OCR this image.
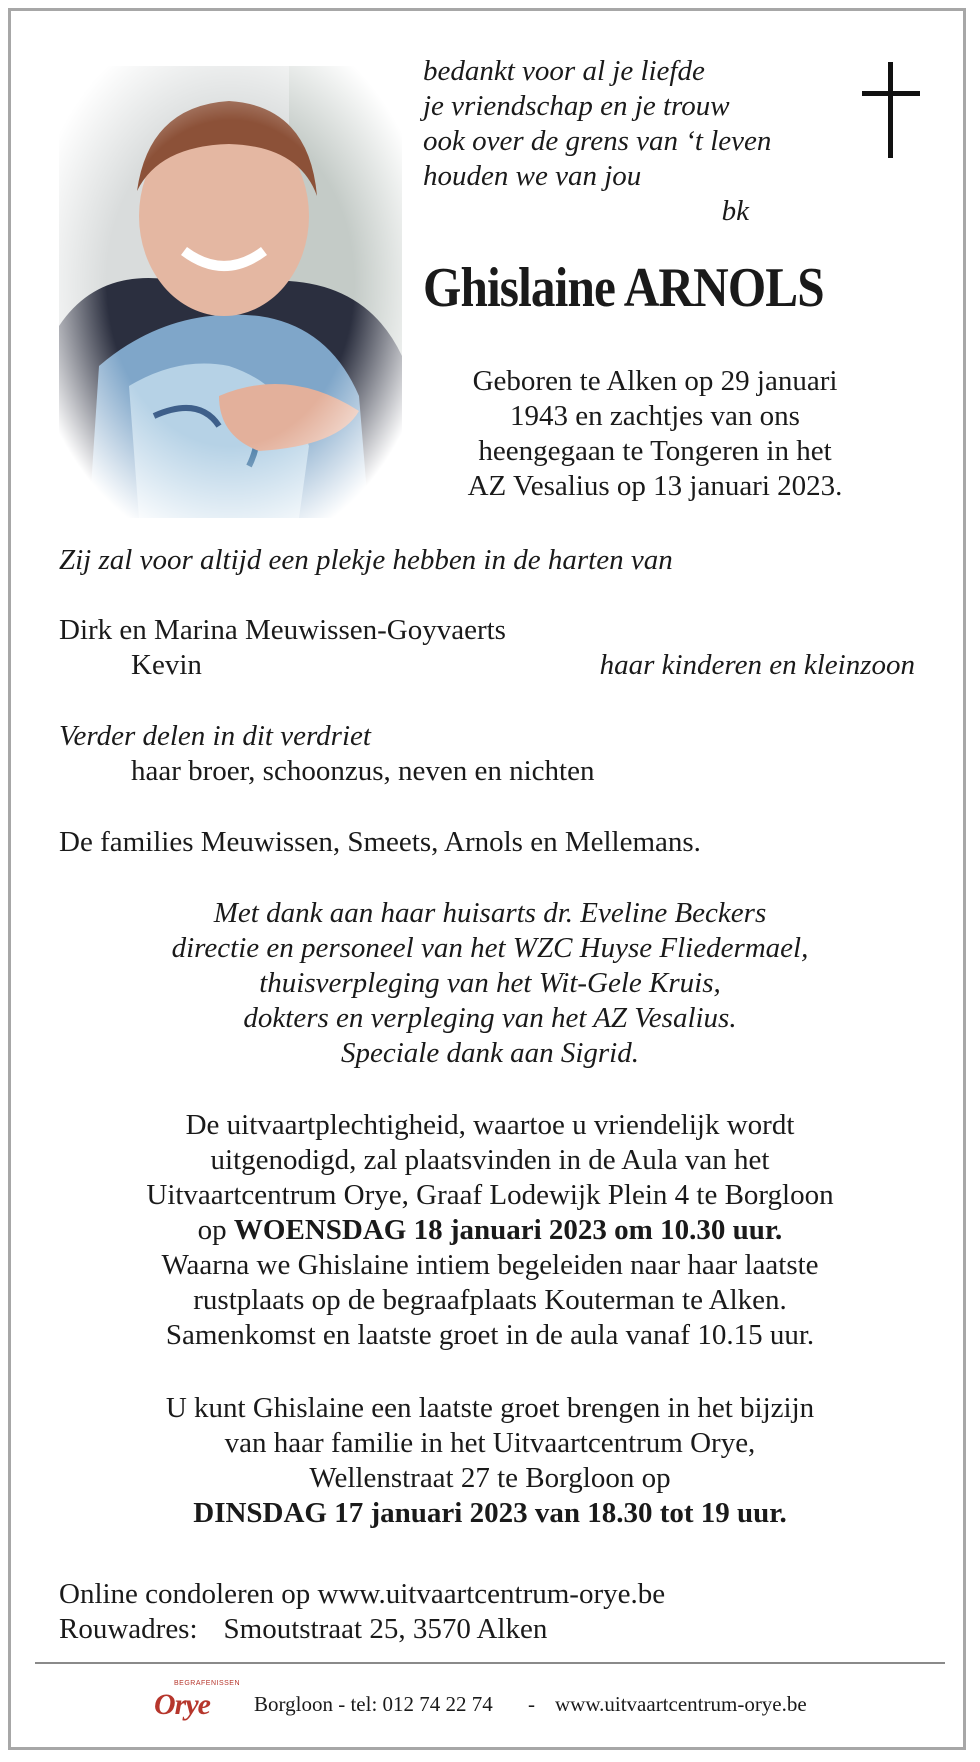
bedankt voor al je liefde
je vriendschap en je trouw
ook over de grens van ‘t leven
houden we van jou
bk
Ghislaine ARNOLS
Geboren te Alken op 29 januari
1943 en zachtjes van ons
heengegaan te Tongeren in het
AZ Vesalius op 13 januari 2023.
Zij zal voor altijd een plekje hebben in de harten van
Dirk en Marina Meuwissen-Goyvaerts
Kevin	haar kinderen en kleinzoon
Verder delen in dit verdriet
haar broer, schoonzus, neven en nichten
De families Meuwissen, Smeets, Arnols en Mellemans.
Met dank aan haar huisarts dr. Eveline Beckers
directie en personeel van het WZC Huyse Fliedermael,
thuisverpleging van het Wit-Gele Kruis,
dokters en verpleging van het AZ Vesalius.
Speciale dank aan Sigrid.
De uitvaartplechtigheid, waartoe u vriendelijk wordt
uitgenodigd, zal plaatsvinden in de Aula van het
Uitvaartcentrum Orye, Graaf Lodewijk Plein 4 te Borgloon
op WOENSDAG 18 januari 2023 om 10.30 uur.
Waarna we Ghislaine intiem begeleiden naar haar laatste
rustplaats op de begraafplaats Kouterman te Alken.
Samenkomst en laatste groet in de aula vanaf 10.15 uur.
U kunt Ghislaine een laatste groet brengen in het bijzijn
van haar familie in het Uitvaartcentrum Orye,
Wellenstraat 27 te Borgloon op
DINSDAG 17 januari 2023 van 18.30 tot 19 uur.
Online condoleren op www.uitvaartcentrum-orye.be
Rouwadres: Smoutstraat 25, 3570 Alken
BEGRAFENISSEN
Orye Borgloon - tel: 012 74 22 74 - www.uitvaartcentrum-orye.be
